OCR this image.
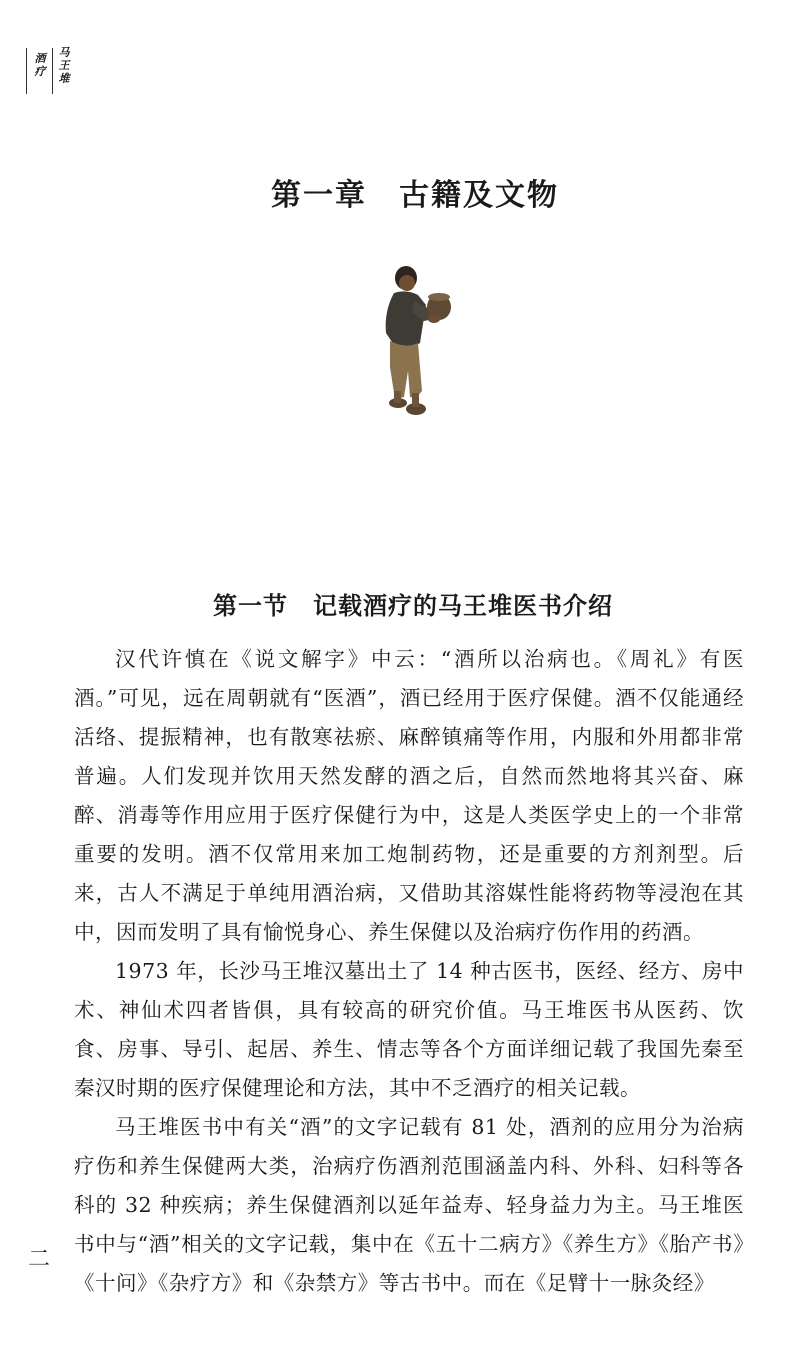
酒
疗
马
王
堆
第一章　古籍及文物
第一节　记载酒疗的马王堆医书介绍

汉代许慎在《说文解字》中云：“酒所以治病也。《周礼》有医酒。”可见，远在周朝就有“医酒”，酒已经用于医疗保健。酒不仅能通经活络、提振精神，也有散寒祛瘀、麻醉镇痛等作用，内服和外用都非常普遍。人们发现并饮用天然发酵的酒之后，自然而然地将其兴奋、麻醉、消毒等作用应用于医疗保健行为中，这是人类医学史上的一个非常重要的发明。酒不仅常用来加工炮制药物，还是重要的方剂剂型。后来，古人不满足于单纯用酒治病，又借助其溶媒性能将药物等浸泡在其中，因而发明了具有愉悦身心、养生保健以及治病疗伤作用的药酒。

1973 年，长沙马王堆汉墓出土了 14 种古医书，医经、经方、房中术、神仙术四者皆俱，具有较高的研究价值。马王堆医书从医药、饮食、房事、导引、起居、养生、情志等各个方面详细记载了我国先秦至秦汉时期的医疗保健理论和方法，其中不乏酒疗的相关记载。

马王堆医书中有关“酒”的文字记载有 81 处，酒剂的应用分为治病疗伤和养生保健两大类，治病疗伤酒剂范围涵盖内科、外科、妇科等各科的 32 种疾病；养生保健酒剂以延年益寿、轻身益力为主。马王堆医书中与“酒”相关的文字记载，集中在《五十二病方》《养生方》《胎产书》《十问》《杂疗方》和《杂禁方》等古书中。而在《足臂十一脉灸经》

二
